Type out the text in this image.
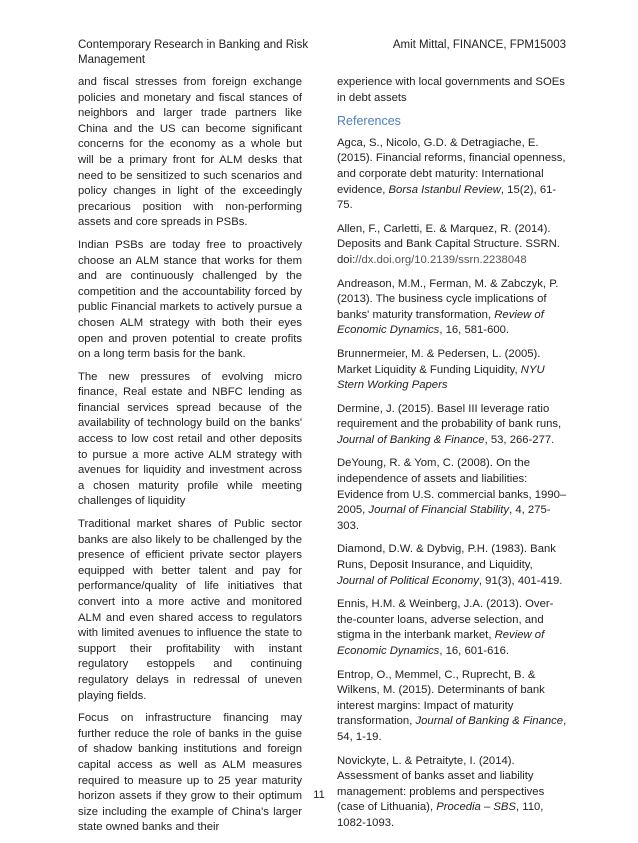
Contemporary Research in Banking and Risk Management
Amit Mittal, FINANCE, FPM15003

and fiscal stresses from foreign exchange policies and monetary and fiscal stances of neighbors and larger trade partners like China and the US can become significant concerns for the economy as a whole but will be a primary front for ALM desks that need to be sensitized to such scenarios and policy changes in light of the exceedingly precarious position with non-performing assets and core spreads in PSBs.

Indian PSBs are today free to proactively choose an ALM stance that works for them and are continuously challenged by the competition and the accountability forced by public Financial markets to actively pursue a chosen ALM strategy with both their eyes open and proven potential to create profits on a long term basis for the bank.

The new pressures of evolving micro finance, Real estate and NBFC lending as financial services spread because of the availability of technology build on the banks' access to low cost retail and other deposits to pursue a more active ALM strategy with avenues for liquidity and investment across a chosen maturity profile while meeting challenges of liquidity

Traditional market shares of Public sector banks are also likely to be challenged by the presence of efficient private sector players equipped with better talent and pay for performance/quality of life initiatives that convert into a more active and monitored ALM and even shared access to regulators with limited avenues to influence the state to support their profitability with instant regulatory estoppels and continuing regulatory delays in redressal of uneven playing fields.

Focus on infrastructure financing may further reduce the role of banks in the guise of shadow banking institutions and foreign capital access as well as ALM measures required to measure up to 25 year maturity horizon assets if they grow to their optimum size including the example of China's larger state owned banks and their

experience with local governments and SOEs in debt assets

References

Agca, S., Nicolo, G.D. & Detragiache, E. (2015). Financial reforms, financial openness, and corporate debt maturity: International evidence, Borsa Istanbul Review, 15(2), 61-75.

Allen, F., Carletti, E. & Marquez, R. (2014). Deposits and Bank Capital Structure. SSRN. doi://dx.doi.org/10.2139/ssrn.2238048

Andreason, M.M., Ferman, M. & Zabczyk, P. (2013). The business cycle implications of banks' maturity transformation, Review of Economic Dynamics, 16, 581-600.

Brunnermeier, M. & Pedersen, L. (2005). Market Liquidity & Funding Liquidity, NYU Stern Working Papers

Dermine, J. (2015). Basel III leverage ratio requirement and the probability of bank runs, Journal of Banking & Finance, 53, 266-277.

DeYoung, R. & Yom, C. (2008). On the independence of assets and liabilities: Evidence from U.S. commercial banks, 1990–2005, Journal of Financial Stability, 4, 275-303.

Diamond, D.W. & Dybvig, P.H. (1983). Bank Runs, Deposit Insurance, and Liquidity, Journal of Political Economy, 91(3), 401-419.

Ennis, H.M. & Weinberg, J.A. (2013). Over-the-counter loans, adverse selection, and stigma in the interbank market, Review of Economic Dynamics, 16, 601-616.

Entrop, O., Memmel, C., Ruprecht, B. & Wilkens, M. (2015). Determinants of bank interest margins: Impact of maturity transformation, Journal of Banking & Finance, 54, 1-19.

Novickyte, L. & Petraityte, I. (2014). Assessment of banks asset and liability management: problems and perspectives (case of Lithuania), Procedia – SBS, 110, 1082-1093.

11
